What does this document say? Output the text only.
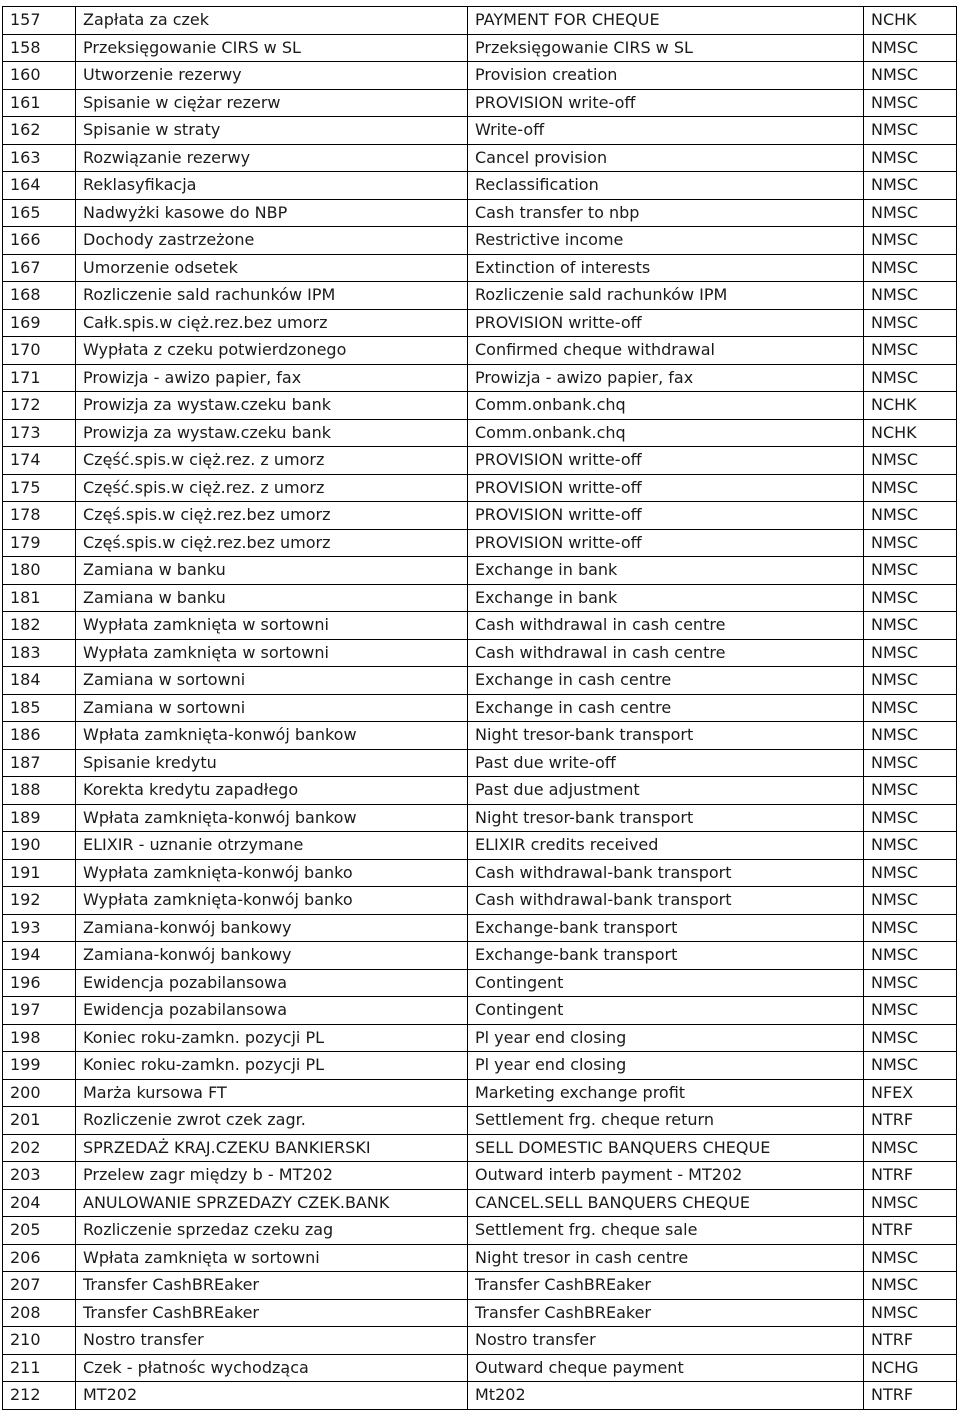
157	Zapłata za czek	PAYMENT FOR CHEQUE	NCHK
158	Przeksięgowanie CIRS w SL	Przeksięgowanie CIRS w SL	NMSC
160	Utworzenie rezerwy	Provision creation	NMSC
161	Spisanie w ciężar rezerw	PROVISION write-off	NMSC
162	Spisanie w straty	Write-off	NMSC
163	Rozwiązanie rezerwy	Cancel provision	NMSC
164	Reklasyfikacja	Reclassification	NMSC
165	Nadwyżki kasowe do NBP	Cash transfer to nbp	NMSC
166	Dochody zastrzeżone	Restrictive income	NMSC
167	Umorzenie odsetek	Extinction of interests	NMSC
168	Rozliczenie sald rachunków IPM	Rozliczenie sald rachunków IPM	NMSC
169	Całk.spis.w cięż.rez.bez umorz	PROVISION writte-off	NMSC
170	Wypłata z czeku potwierdzonego	Confirmed cheque withdrawal	NMSC
171	Prowizja - awizo papier, fax	Prowizja - awizo papier, fax	NMSC
172	Prowizja za wystaw.czeku bank	Comm.onbank.chq	NCHK
173	Prowizja za wystaw.czeku bank	Comm.onbank.chq	NCHK
174	Część.spis.w cięż.rez. z umorz	PROVISION writte-off	NMSC
175	Część.spis.w cięż.rez. z umorz	PROVISION writte-off	NMSC
178	Częś.spis.w cięż.rez.bez umorz	PROVISION writte-off	NMSC
179	Częś.spis.w cięż.rez.bez umorz	PROVISION writte-off	NMSC
180	Zamiana w banku	Exchange in bank	NMSC
181	Zamiana w banku	Exchange in bank	NMSC
182	Wypłata zamknięta w sortowni	Cash withdrawal in cash centre	NMSC
183	Wypłata zamknięta w sortowni	Cash withdrawal in cash centre	NMSC
184	Zamiana w sortowni	Exchange in cash centre	NMSC
185	Zamiana w sortowni	Exchange in cash centre	NMSC
186	Wpłata zamknięta-konwój bankow	Night tresor-bank transport	NMSC
187	Spisanie kredytu	Past due write-off	NMSC
188	Korekta kredytu zapadłego	Past due adjustment	NMSC
189	Wpłata zamknięta-konwój bankow	Night tresor-bank transport	NMSC
190	ELIXIR - uznanie otrzymane	ELIXIR credits received	NMSC
191	Wypłata zamknięta-konwój banko	Cash withdrawal-bank transport	NMSC
192	Wypłata zamknięta-konwój banko	Cash withdrawal-bank transport	NMSC
193	Zamiana-konwój bankowy	Exchange-bank transport	NMSC
194	Zamiana-konwój bankowy	Exchange-bank transport	NMSC
196	Ewidencja pozabilansowa	Contingent	NMSC
197	Ewidencja pozabilansowa	Contingent	NMSC
198	Koniec roku-zamkn. pozycji PL	Pl year end closing	NMSC
199	Koniec roku-zamkn. pozycji PL	Pl year end closing	NMSC
200	Marża kursowa FT	Marketing exchange profit	NFEX
201	Rozliczenie zwrot czek zagr.	Settlement frg. cheque return	NTRF
202	SPRZEDAŻ KRAJ.CZEKU BANKIERSKI	SELL DOMESTIC BANQUERS CHEQUE	NMSC
203	Przelew zagr między b - MT202	Outward interb payment - MT202	NTRF
204	ANULOWANIE SPRZEDAZY CZEK.BANK	CANCEL.SELL BANQUERS CHEQUE	NMSC
205	Rozliczenie sprzedaz czeku zag	Settlement frg. cheque sale	NTRF
206	Wpłata zamknięta w sortowni	Night tresor in cash centre	NMSC
207	Transfer CashBREaker	Transfer CashBREaker	NMSC
208	Transfer CashBREaker	Transfer CashBREaker	NMSC
210	Nostro transfer	Nostro transfer	NTRF
211	Czek - płatnośc wychodząca	Outward cheque payment	NCHG
212	MT202	Mt202	NTRF
